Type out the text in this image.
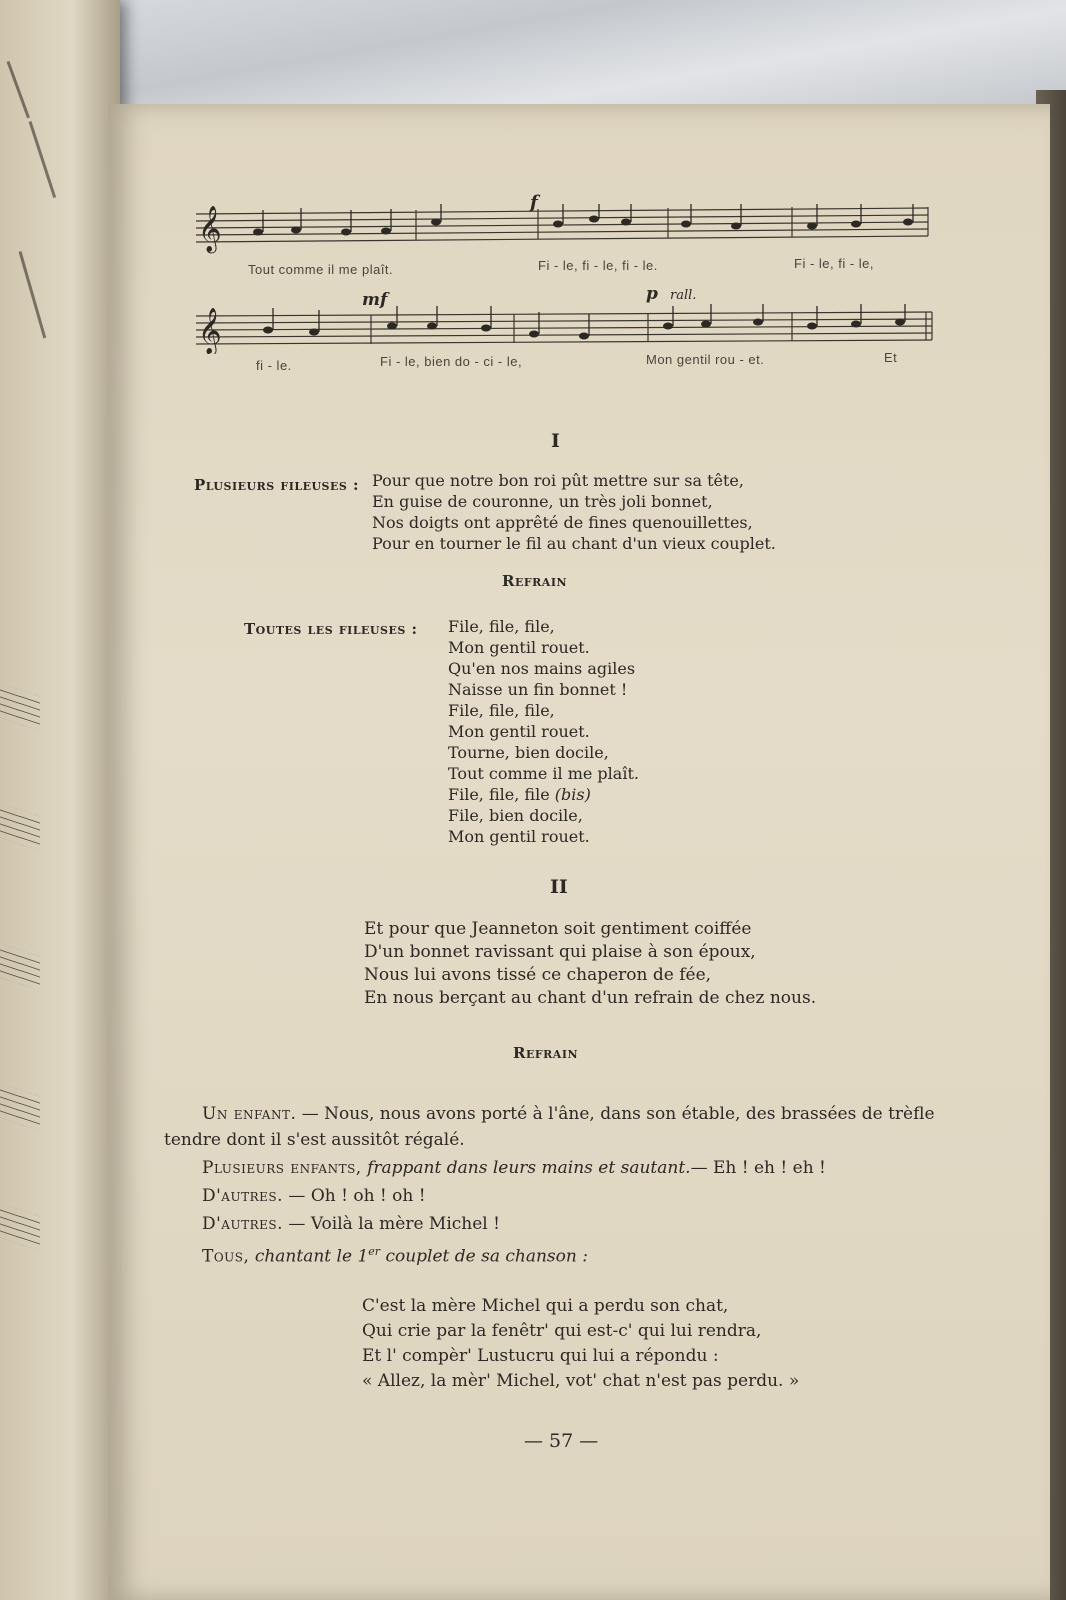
𝄞
f
Tout comme il me plaît.	Fi - le, fi - le, fi - le.	Fi - le, fi - le,
𝄞
mf	p rall.
fi - le.	Fi - le, bien do - ci - le,	Mon gentil rou - et.	Et
I
Plusieurs fileuses : Pour que notre bon roi pût mettre sur sa tête,
En guise de couronne, un très joli bonnet,
Nos doigts ont apprêté de fines quenouillettes,
Pour en tourner le fil au chant d'un vieux couplet.
Refrain
Toutes les fileuses : File, file, file,
Mon gentil rouet.
Qu'en nos mains agiles
Naisse un fin bonnet !
File, file, file,
Mon gentil rouet.
Tourne, bien docile,
Tout comme il me plaît.
File, file, file (bis)
File, bien docile,
Mon gentil rouet.
II
Et pour que Jeanneton soit gentiment coiffée
D'un bonnet ravissant qui plaise à son époux,
Nous lui avons tissé ce chaperon de fée,
En nous berçant au chant d'un refrain de chez nous.
Refrain
Un enfant. — Nous, nous avons porté à l'âne, dans son étable, des brassées de trèfle
tendre dont il s'est aussitôt régalé.
Plusieurs enfants, frappant dans leurs mains et sautant.— Eh ! eh ! eh !
D'autres. — Oh ! oh ! oh !
D'autres. — Voilà la mère Michel !
Tous, chantant le 1er couplet de sa chanson :
C'est la mère Michel qui a perdu son chat,
Qui crie par la fenêtr' qui est-c' qui lui rendra,
Et l' compèr' Lustucru qui lui a répondu :
« Allez, la mèr' Michel, vot' chat n'est pas perdu. »
— 57 —
